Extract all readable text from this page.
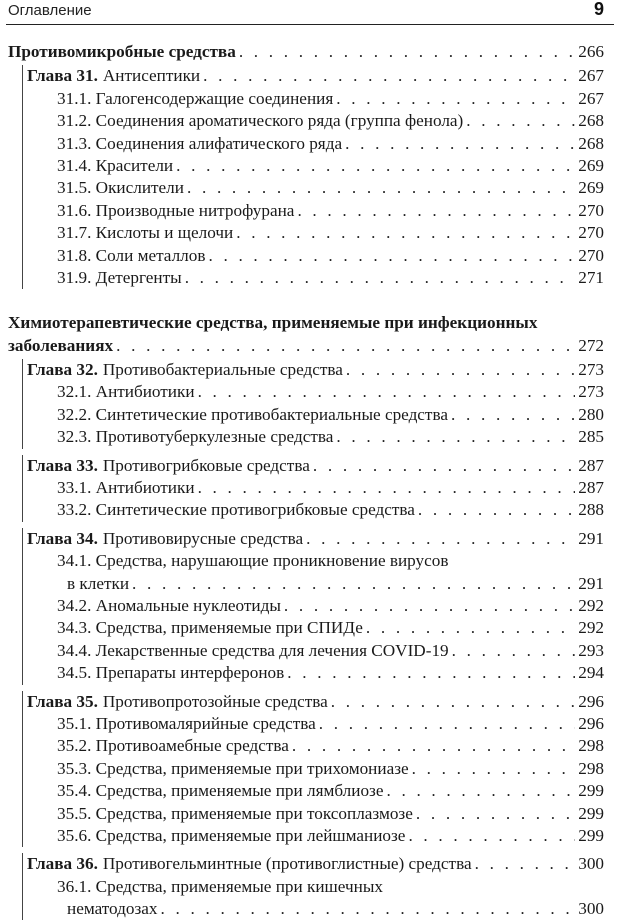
Оглавление	9
Противомикробные средства . . .	266
Глава 31. Антисептики . . .	267
31.1. Галогенсодержащие соединения . . .	267
31.2. Соединения ароматического ряда (группа фенола) . . .	268
31.3. Соединения алифатического ряда . . .	268
31.4. Красители . . .	269
31.5. Окислители . . .	269
31.6. Производные нитрофурана . . .	270
31.7. Кислоты и щелочи . . .	270
31.8. Соли металлов . . .	270
31.9. Детергенты . . .	271
Химиотерапевтические средства, применяемые при инфекционных
заболеваниях . . .	272
Глава 32. Противобактериальные средства . . .	273
32.1. Антибиотики . . .	273
32.2. Синтетические противобактериальные средства . . .	280
32.3. Противотуберкулезные средства . . .	285
Глава 33. Противогрибковые средства . . .	287
33.1. Антибиотики . . .	287
33.2. Синтетические противогрибковые средства . . .	288
Глава 34. Противовирусные средства . . .	291
34.1. Средства, нарушающие проникновение вирусов
в клетки . . .	291
34.2. Аномальные нуклеотиды . . .	292
34.3. Средства, применяемые при СПИДе . . .	292
34.4. Лекарственные средства для лечения COVID-19 . . .	293
34.5. Препараты интерферонов . . .	294
Глава 35. Противопротозойные средства . . .	296
35.1. Противомалярийные средства . . .	296
35.2. Противоамебные средства . . .	298
35.3. Средства, применяемые при трихомониазе . . .	298
35.4. Средства, применяемые при лямблиозе . . .	299
35.5. Средства, применяемые при токсоплазмозе . . .	299
35.6. Средства, применяемые при лейшманиозе . . .	299
Глава 36. Противогельминтные (противоглистные) средства . . .	300
36.1. Средства, применяемые при кишечных
нематодозах . . .	300
